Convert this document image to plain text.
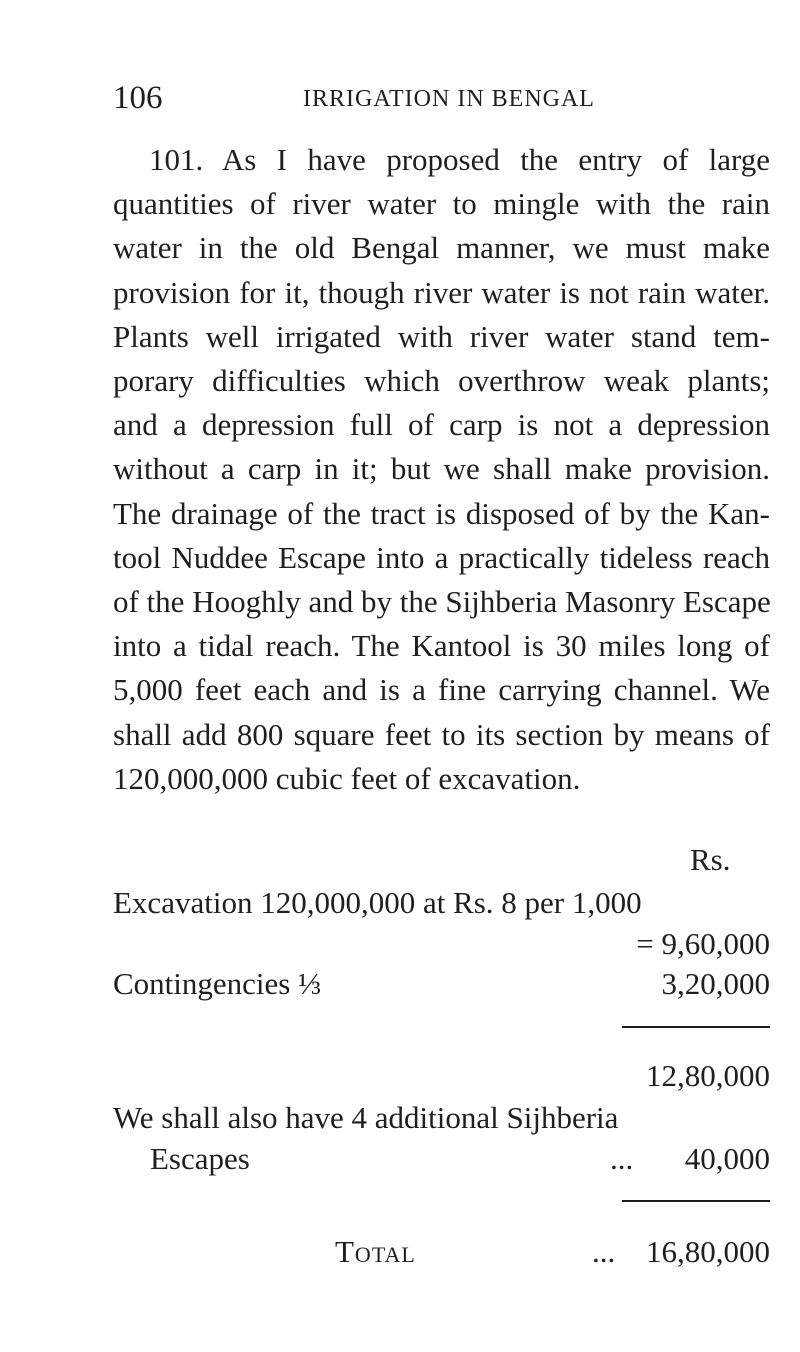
106	IRRIGATION IN BENGAL
101. As I have proposed the entry of large
quantities of river water to mingle with the rain
water in the old Bengal manner, we must make
provision for it, though river water is not rain water.
Plants well irrigated with river water stand tem-
porary difficulties which overthrow weak plants;
and a depression full of carp is not a depression
without a carp in it; but we shall make provision.
The drainage of the tract is disposed of by the Kan-
tool Nuddee Escape into a practically tideless reach
of the Hooghly and by the Sijhberia Masonry Escape
into a tidal reach. The Kantool is 30 miles long of
5,000 feet each and is a fine carrying channel. We
shall add 800 square feet to its section by means of
120,000,000 cubic feet of excavation.
Rs.
Excavation 120,000,000 at Rs. 8 per 1,000
= 9,60,000
Contingencies ⅓	3,20,000
12,80,000
We shall also have 4 additional Sijhberia
Escapes	...	40,000
Total	... 16,80,000
